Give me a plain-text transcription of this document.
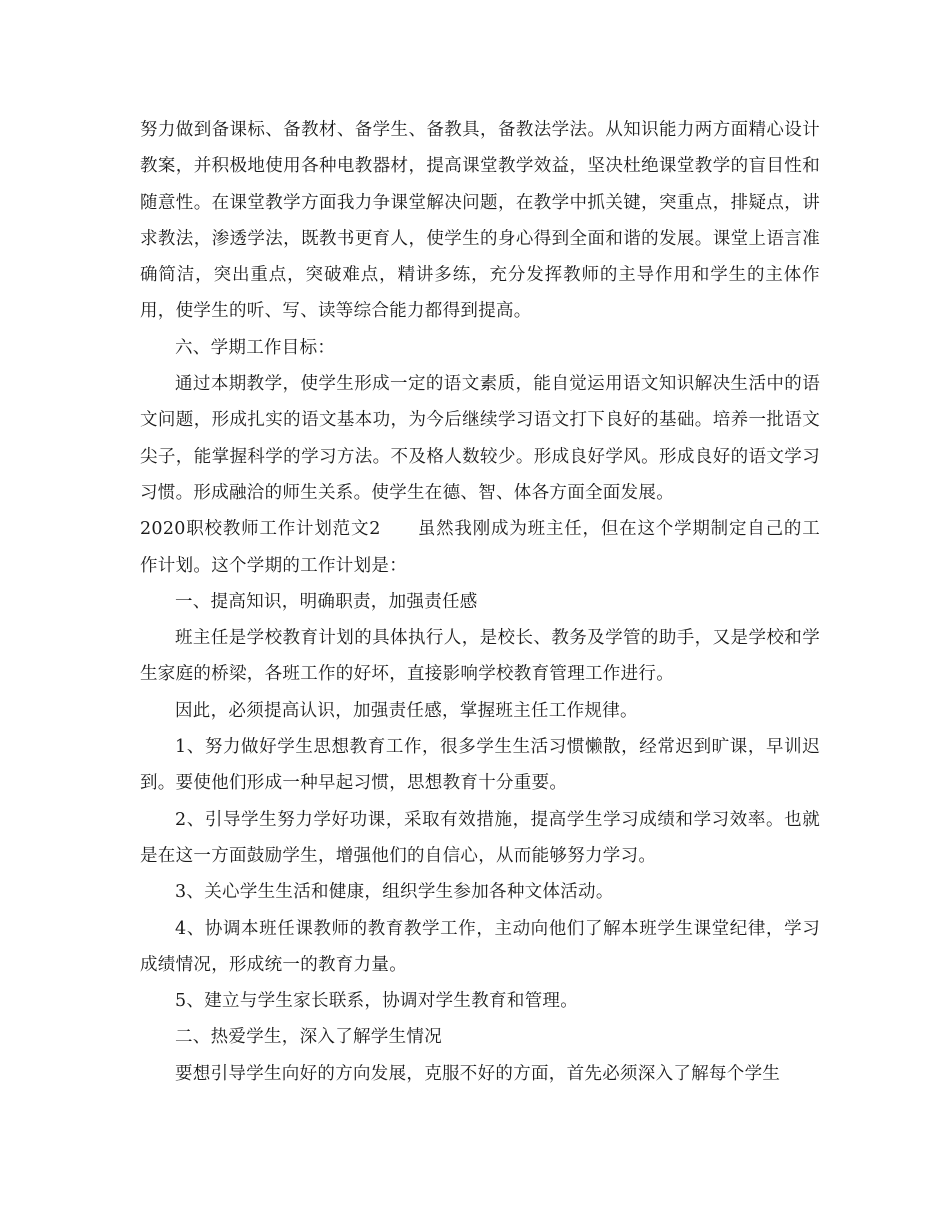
努力做到备课标、备教材、备学生、备教具，备教法学法。从知识能力两方面精心设计教案，并积极地使用各种电教器材，提高课堂教学效益，坚决杜绝课堂教学的盲目性和随意性。在课堂教学方面我力争课堂解决问题，在教学中抓关键，突重点，排疑点，讲求教法，渗透学法，既教书更育人，使学生的身心得到全面和谐的发展。课堂上语言准确简洁，突出重点，突破难点，精讲多练，充分发挥教师的主导作用和学生的主体作用，使学生的听、写、读等综合能力都得到提高。

六、学期工作目标：

通过本期教学，使学生形成一定的语文素质，能自觉运用语文知识解决生活中的语文问题，形成扎实的语文基本功，为今后继续学习语文打下良好的基础。培养一批语文尖子，能掌握科学的学习方法。不及格人数较少。形成良好学风。形成良好的语文学习习惯。形成融洽的师生关系。使学生在德、智、体各方面全面发展。

2020职校教师工作计划范文2　　虽然我刚成为班主任，但在这个学期制定自己的工作计划。这个学期的工作计划是：

一、提高知识，明确职责，加强责任感

班主任是学校教育计划的具体执行人，是校长、教务及学管的助手，又是学校和学生家庭的桥梁，各班工作的好坏，直接影响学校教育管理工作进行。

因此，必须提高认识，加强责任感，掌握班主任工作规律。

1、努力做好学生思想教育工作，很多学生生活习惯懒散，经常迟到旷课，早训迟到。要使他们形成一种早起习惯，思想教育十分重要。

2、引导学生努力学好功课，采取有效措施，提高学生学习成绩和学习效率。也就是在这一方面鼓励学生，增强他们的自信心，从而能够努力学习。

3、关心学生生活和健康，组织学生参加各种文体活动。

4、协调本班任课教师的教育教学工作，主动向他们了解本班学生课堂纪律，学习成绩情况，形成统一的教育力量。

5、建立与学生家长联系，协调对学生教育和管理。

二、热爱学生，深入了解学生情况

要想引导学生向好的方向发展，克服不好的方面，首先必须深入了解每个学生
